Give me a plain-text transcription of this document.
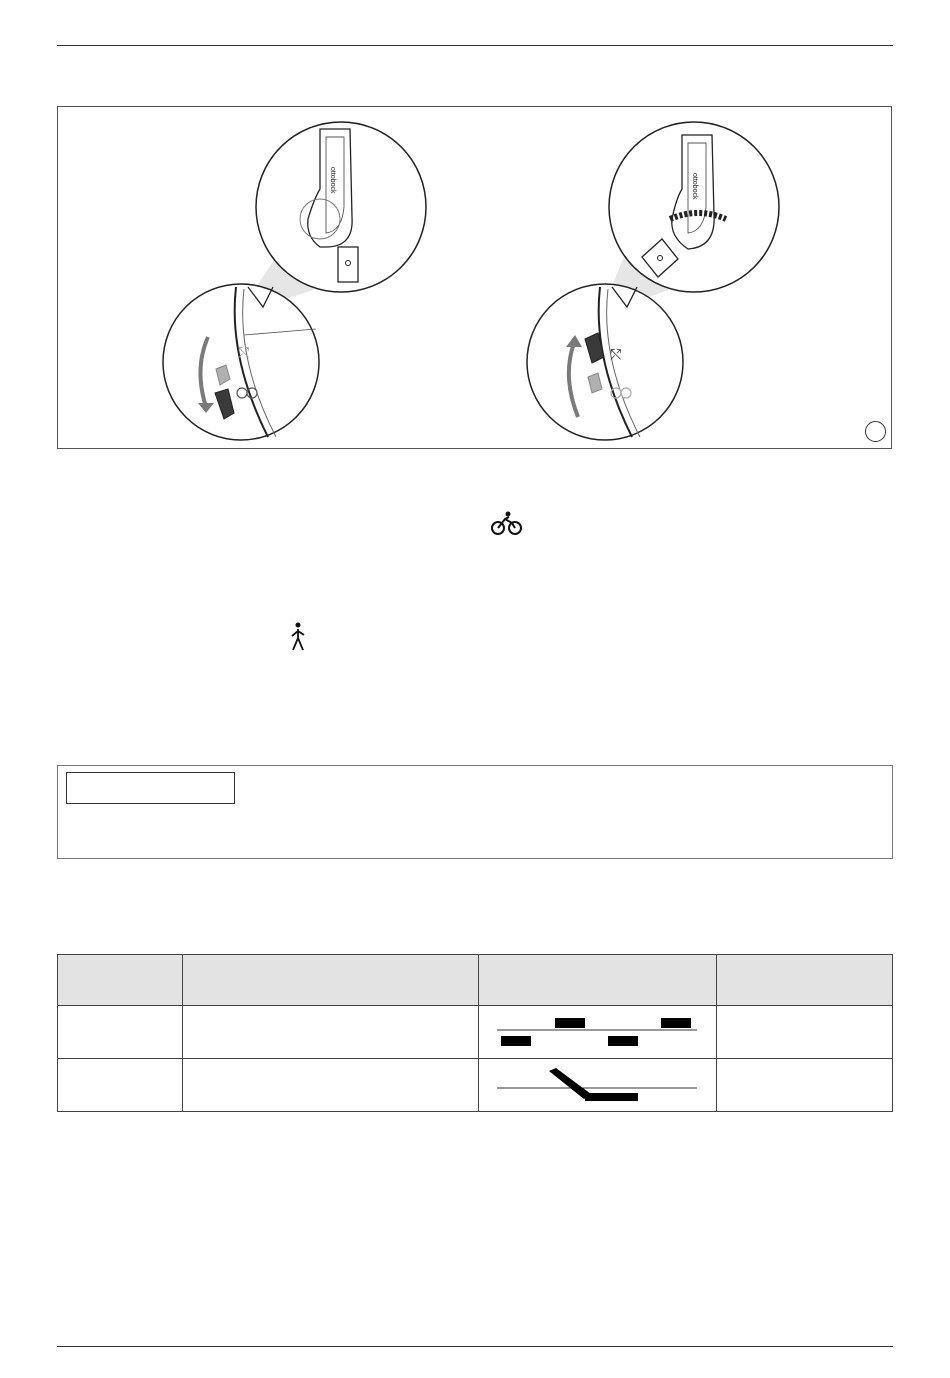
ottobock
⤲
ottobock
⤲
